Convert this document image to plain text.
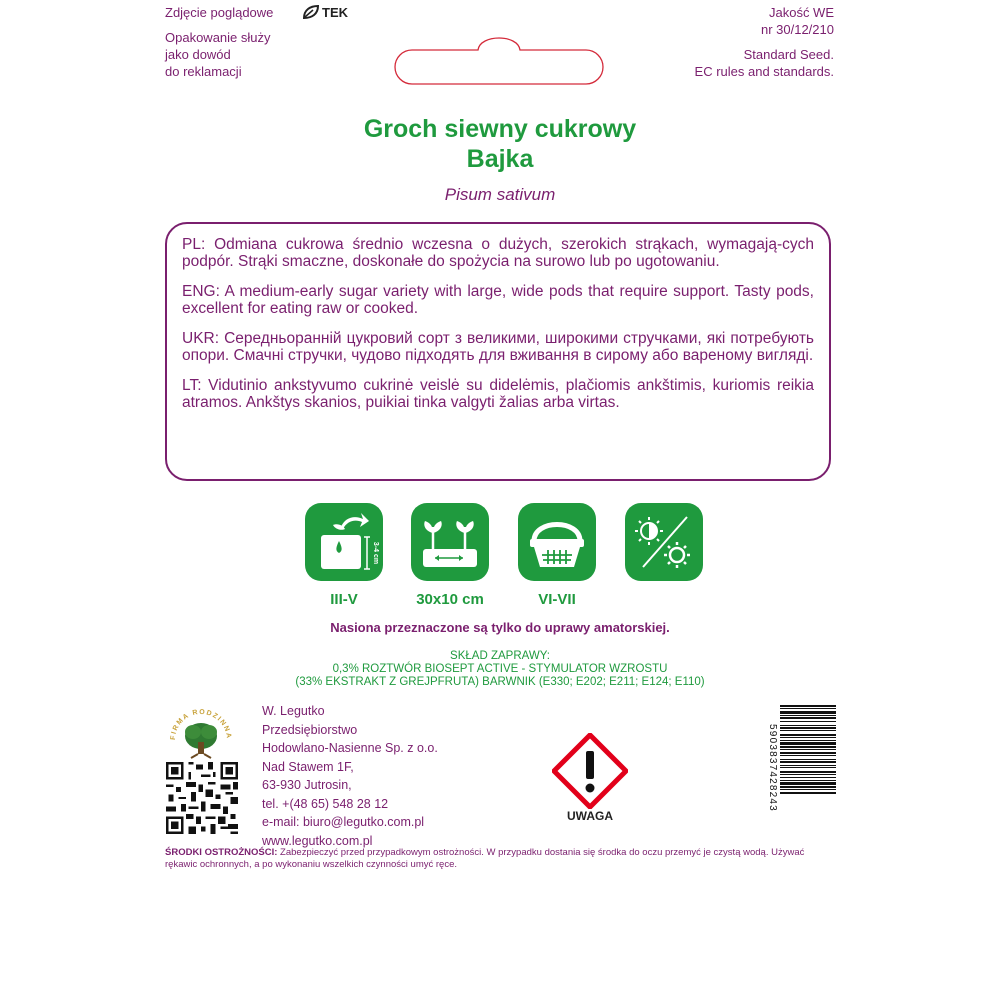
Zdjęcie poglądowe
Opakowanie służy
jako dowód
do reklamacji
TEK	Jakość WE
nr 30/12/210
Standard Seed.
EC rules and standards.
Groch siewny cukrowy
Bajka
Pisum sativum
PL: Odmiana cukrowa średnio wczesna o dużych, szerokich strąkach, wymagają-cych podpór. Strąki smaczne, doskonałe do spożycia na surowo lub po ugotowaniu.
ENG: A medium-early sugar variety with large, wide pods that require support. Tasty pods, excellent for eating raw or cooked.
UKR: Середньоранній цукровий сорт з великими, широкими стручками, які потребують опори. Смачні стручки, чудово підходять для вживання в сирому або вареному вигляді.
LT: Vidutinio ankstyvumo cukrinė veislė su didelėmis, plačiomis ankštimis, kuriomis reikia atramos. Ankštys skanios, puikiai tinka valgyti žalias arba virtas.
3-4 cm
III-V	30x10 cm	VI-VII
Nasiona przeznaczone są tylko do uprawy amatorskiej.
SKŁAD ZAPRAWY:
0,3% ROZTWÓR BIOSEPT ACTIVE - STYMULATOR WZROSTU
(33% EKSTRAKT Z GREJPFRUTA) BARWNIK (E330; E202; E211; E124; E110)
FIRMA RODZINNA
W. Legutko
Przedsiębiorstwo
Hodowlano-Nasienne Sp. z o.o.
Nad Stawem 1F,
63-930 Jutrosin,
tel. +(48 65) 548 28 12
e-mail: biuro@legutko.com.pl
www.legutko.com.pl
UWAGA
5903837428243
ŚRODKI OSTROŻNOŚCI: Zabezpieczyć przed przypadkowym ostrożności. W przypadku dostania się środka do oczu przemyć je czystą wodą. Używać rękawic ochronnych, a po wykonaniu wszelkich czynności umyć ręce.
